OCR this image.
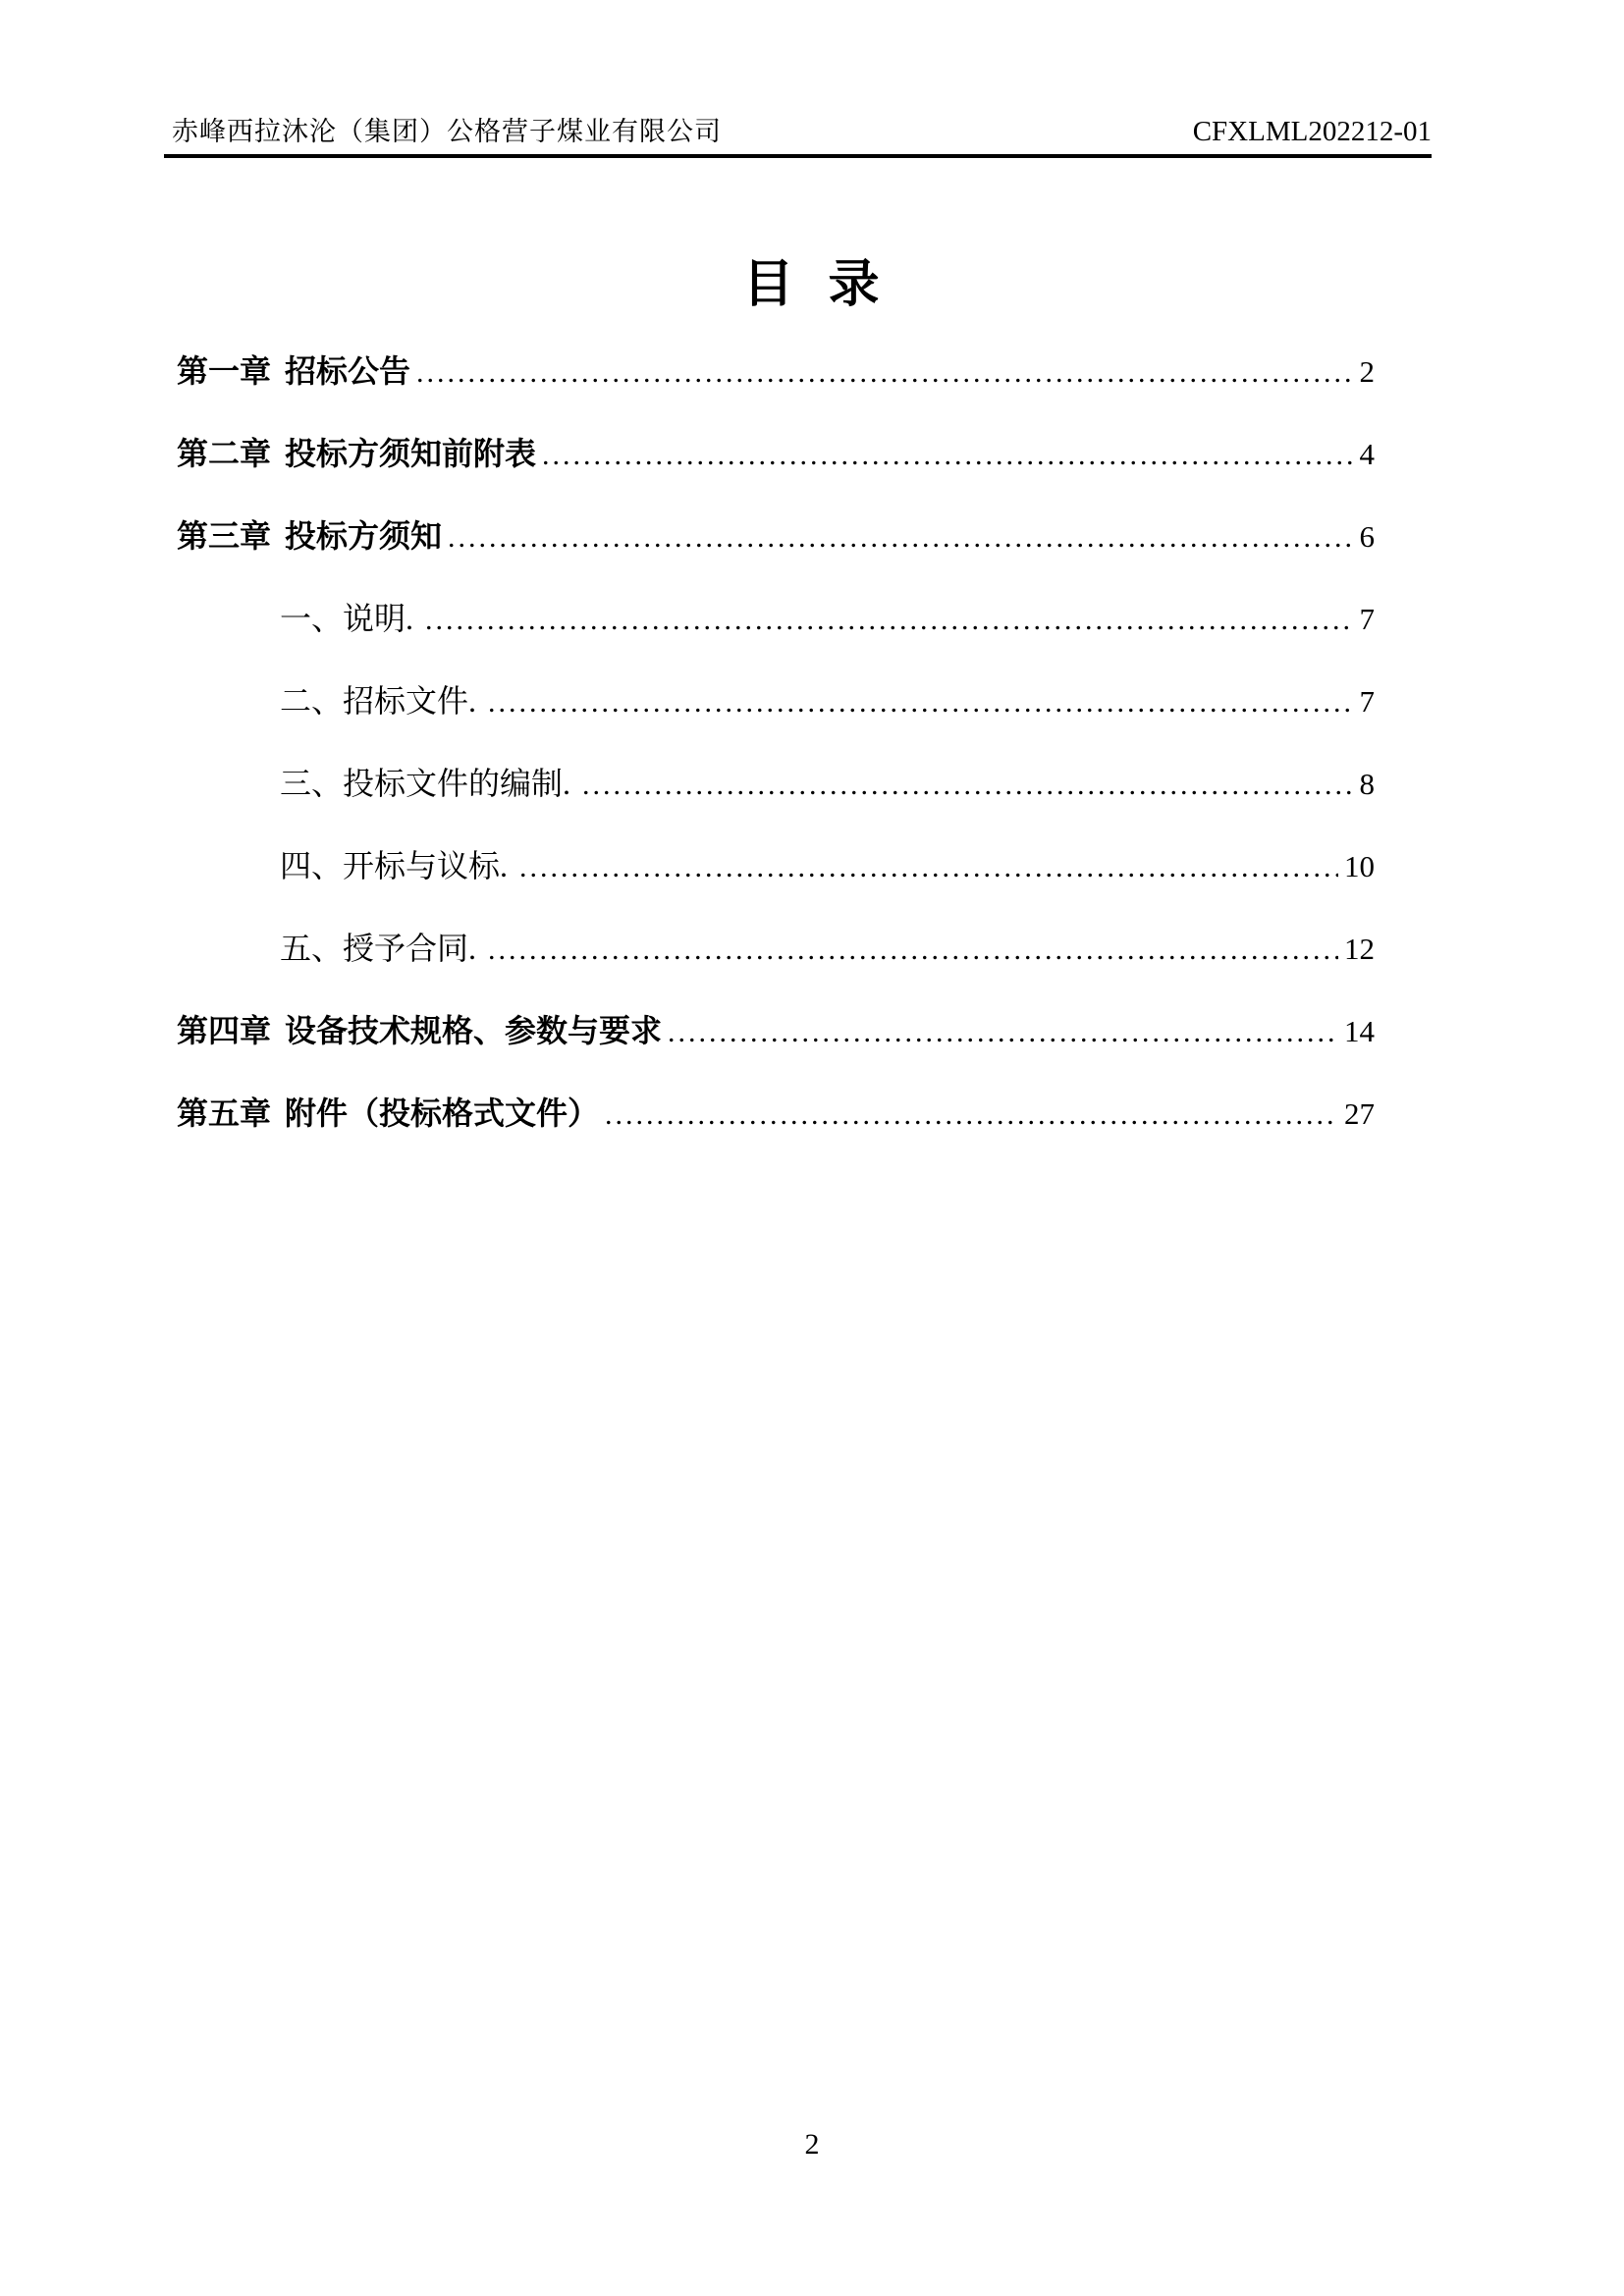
赤峰西拉沐沦（集团）公格营子煤业有限公司	CFXLML202212-01
目  录
第一章 招标公告 .....	2
第二章 投标方须知前附表 .....	4
第三章 投标方须知 .....	6
一、说明. .....	7
二、招标文件. .....	7
三、投标文件的编制. .....	8
四、开标与议标. .....	10
五、授予合同. .....	12
第四章 设备技术规格、参数与要求 .....	14
第五章 附件（投标格式文件） .....	27
2
